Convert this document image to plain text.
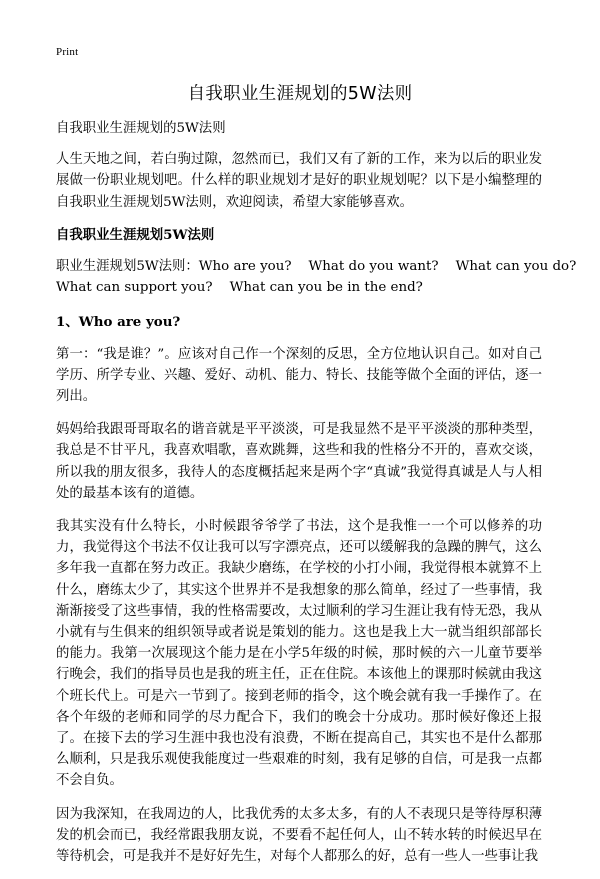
Print
自我职业生涯规划的5W法则

自我职业生涯规划的5W法则

人生天地之间，若白驹过隙，忽然而已，我们又有了新的工作，来为以后的职业发展做一份职业规划吧。什么样的职业规划才是好的职业规划呢？以下是小编整理的自我职业生涯规划5W法则，欢迎阅读，希望大家能够喜欢。

自我职业生涯规划5W法则

职业生涯规划5W法则：Who are you?    What do you want?    What can you do?
What can support you?    What can you be in the end?

1、Who are you?

第一：“我是谁？”。应该对自己作一个深刻的反思，全方位地认识自己。如对自己学历、所学专业、兴趣、爱好、动机、能力、特长、技能等做个全面的评估，逐一列出。

妈妈给我跟哥哥取名的谐音就是平平淡淡，可是我显然不是平平淡淡的那种类型，我总是不甘平凡，我喜欢唱歌，喜欢跳舞，这些和我的性格分不开的，喜欢交谈，所以我的朋友很多，我待人的态度概括起来是两个字“真诚”我觉得真诚是人与人相处的最基本该有的道德。

我其实没有什么特长，小时候跟爷爷学了书法，这个是我惟一一个可以修养的功力，我觉得这个书法不仅让我可以写字漂亮点，还可以缓解我的急躁的脾气，这么多年我一直都在努力改正。我缺少磨练，在学校的小打小闹，我觉得根本就算不上什么，磨练太少了，其实这个世界并不是我想象的那么简单，经过了一些事情，我渐渐接受了这些事情，我的性格需要改，太过顺利的学习生涯让我有恃无恐，我从小就有与生俱来的组织领导或者说是策划的能力。这也是我上大一就当组织部部长的能力。我第一次展现这个能力是在小学5年级的时候，那时候的六一儿童节要举行晚会，我们的指导员也是我的班主任，正在住院。本该他上的课那时候就由我这个班长代上。可是六一节到了。接到老师的指令，这个晚会就有我一手操作了。在各个年级的老师和同学的尽力配合下，我们的晚会十分成功。那时候好像还上报了。在接下去的学习生涯中我也没有浪费，不断在提高自己，其实也不是什么都那么顺利，只是我乐观使我能度过一些艰难的时刻，我有足够的自信，可是我一点都不会自负。

因为我深知，在我周边的人，比我优秀的太多太多，有的人不表现只是等待厚积薄发的机会而已，我经常跟我朋友说，不要看不起任何人，山不转水转的时候迟早在等待机会，可是我并不是好好先生，对每个人都那么的好，总有一些人一些事让我
